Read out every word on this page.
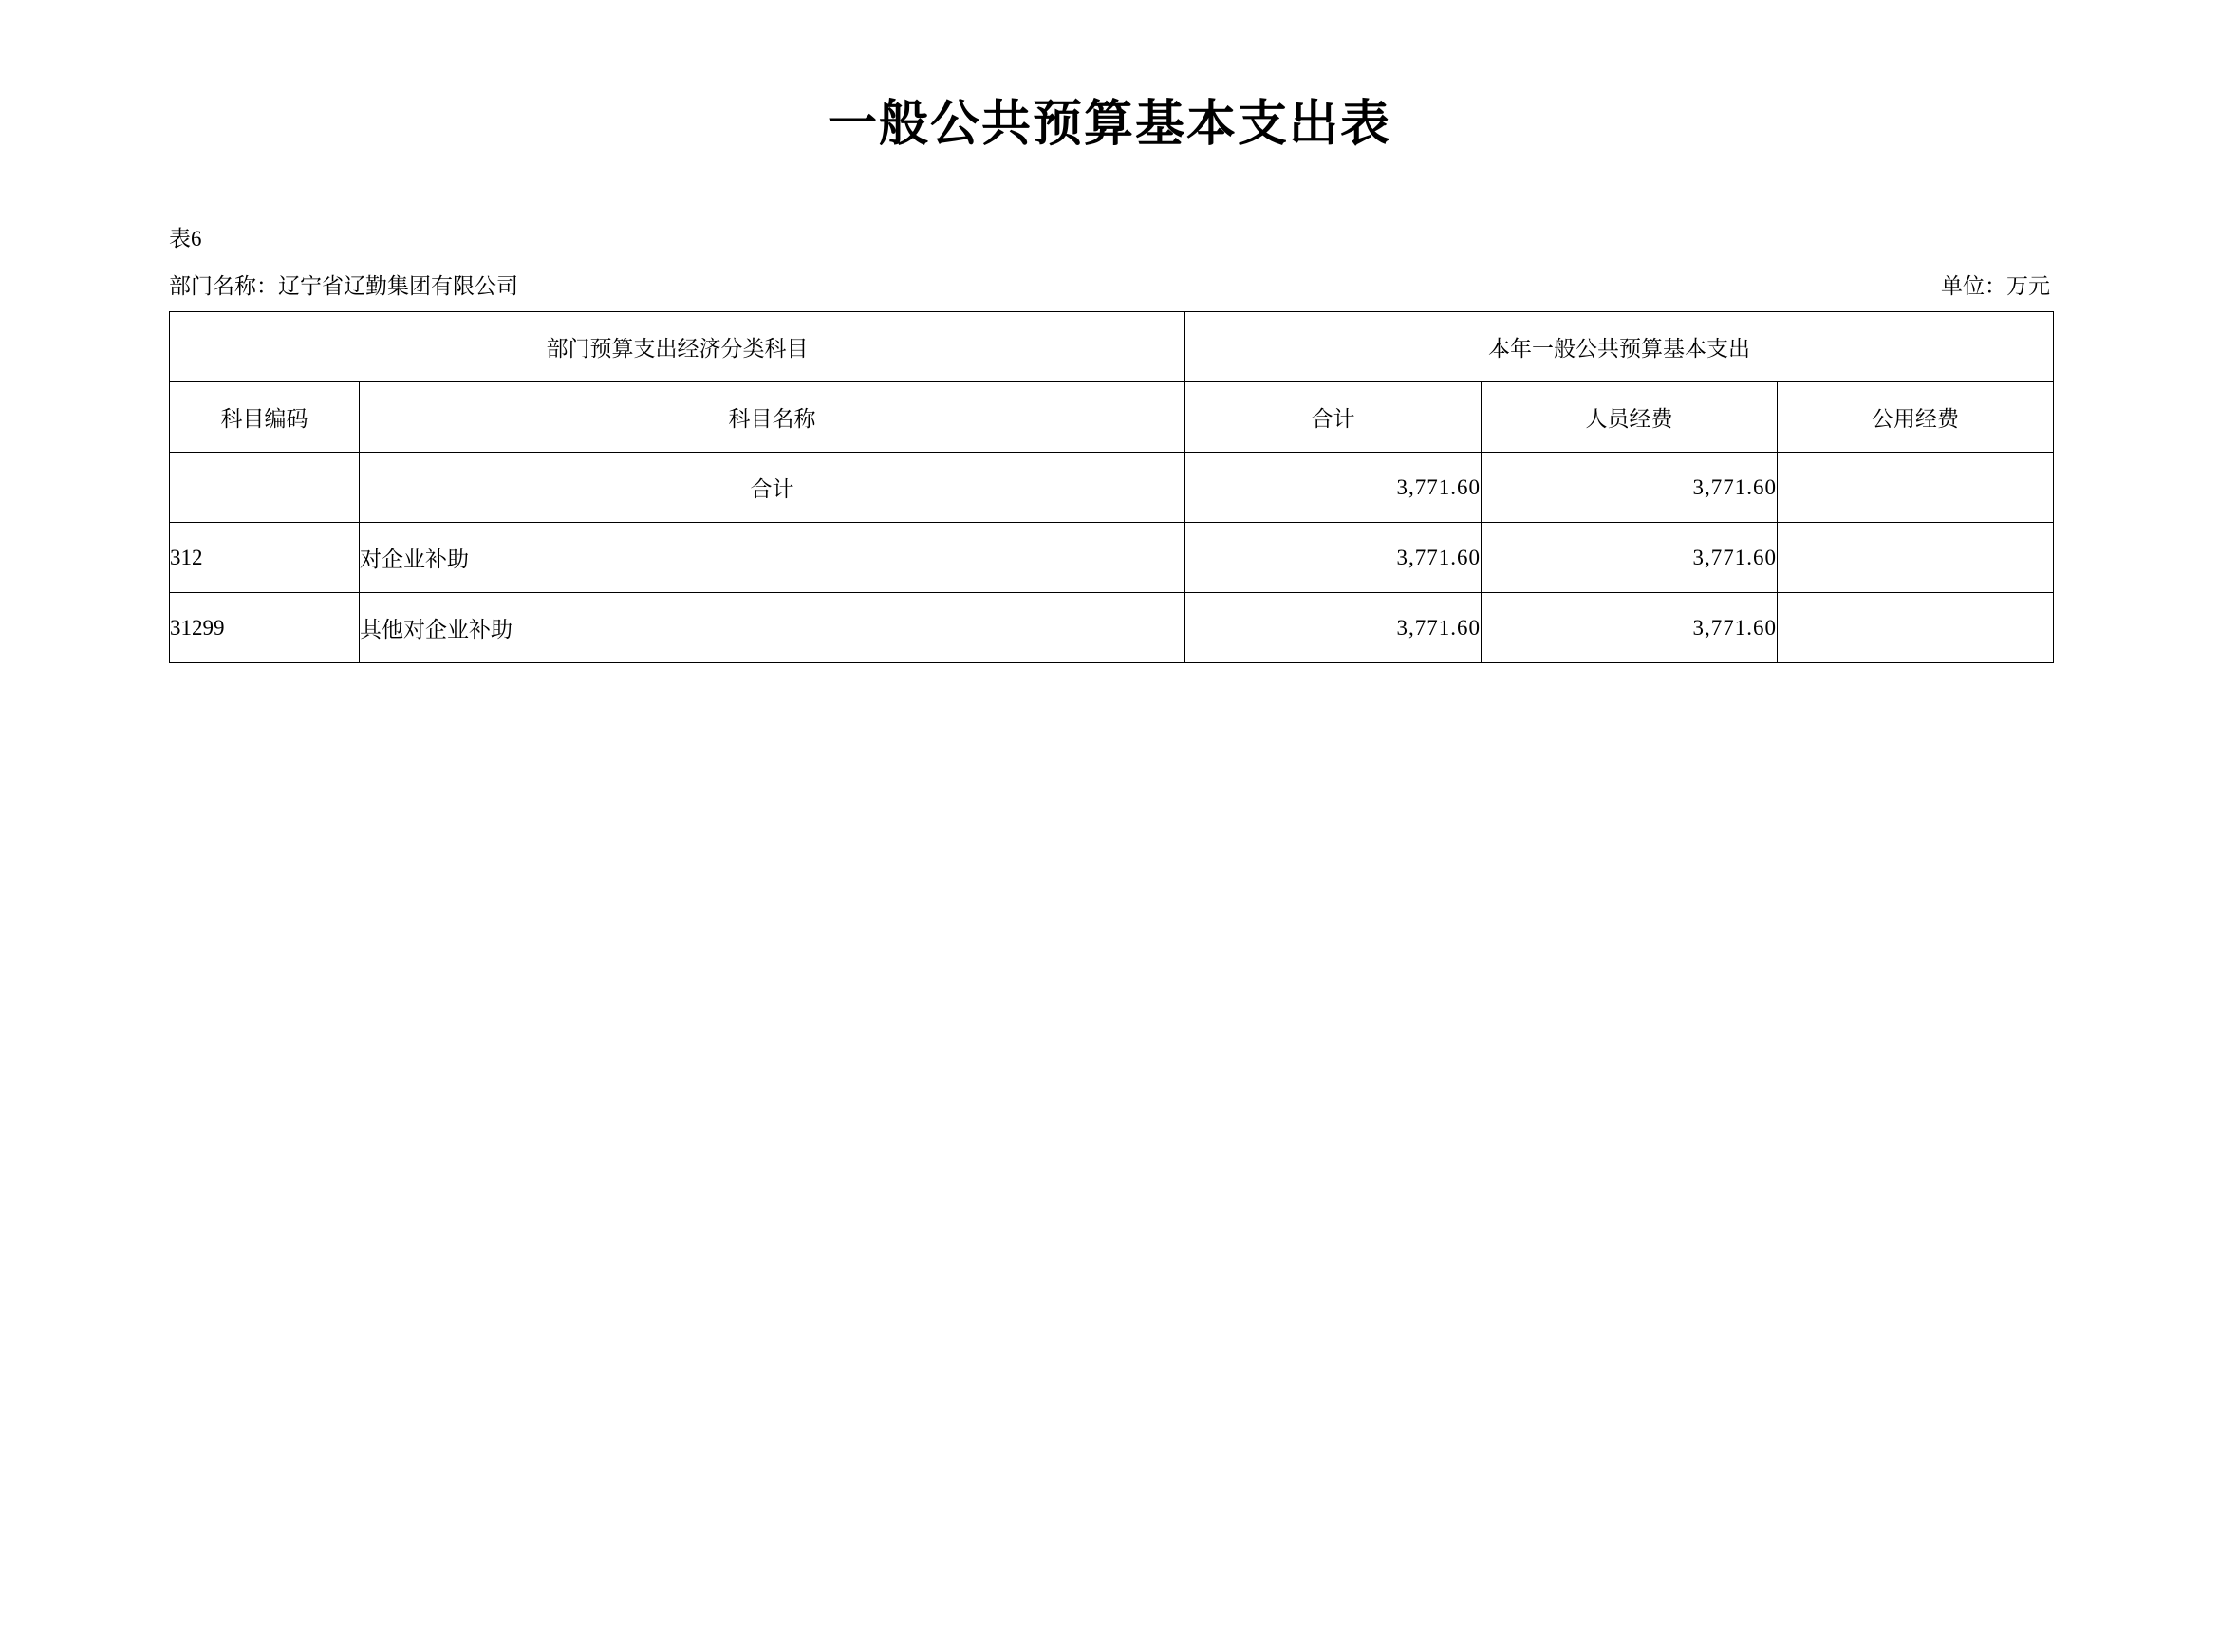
一般公共预算基本支出表
表6
部门名称：辽宁省辽勤集团有限公司	单位：万元
部门预算支出经济分类科目		本年一般公共预算基本支出		
科目编码	科目名称	合计	人员经费	公用经费
	合计	3,771.60	3,771.60	
312	对企业补助	3,771.60	3,771.60	
31299	其他对企业补助	3,771.60	3,771.60	
